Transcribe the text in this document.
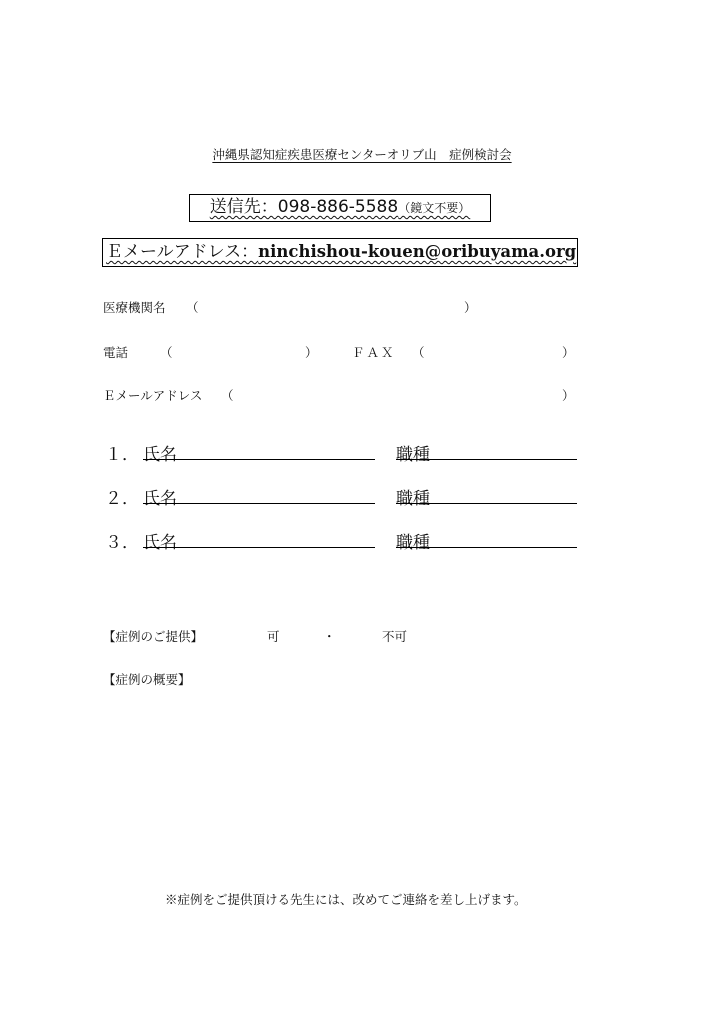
沖縄県認知症疾患医療センターオリブ山　症例検討会
送信先：098-886-5588（鏡文不要）
Ｅメールアドレス：ninchishou-kouen@oribuyama.org
医療機関名 （	）
電話	（	）	ＦＡＸ （	）
Ｅメールアドレス （	）
１． 氏名	職種
２． 氏名	職種
３． 氏名	職種
【症例のご提供】	可	・	不可
【症例の概要】
※症例をご提供頂ける先生には、改めてご連絡を差し上げます。
